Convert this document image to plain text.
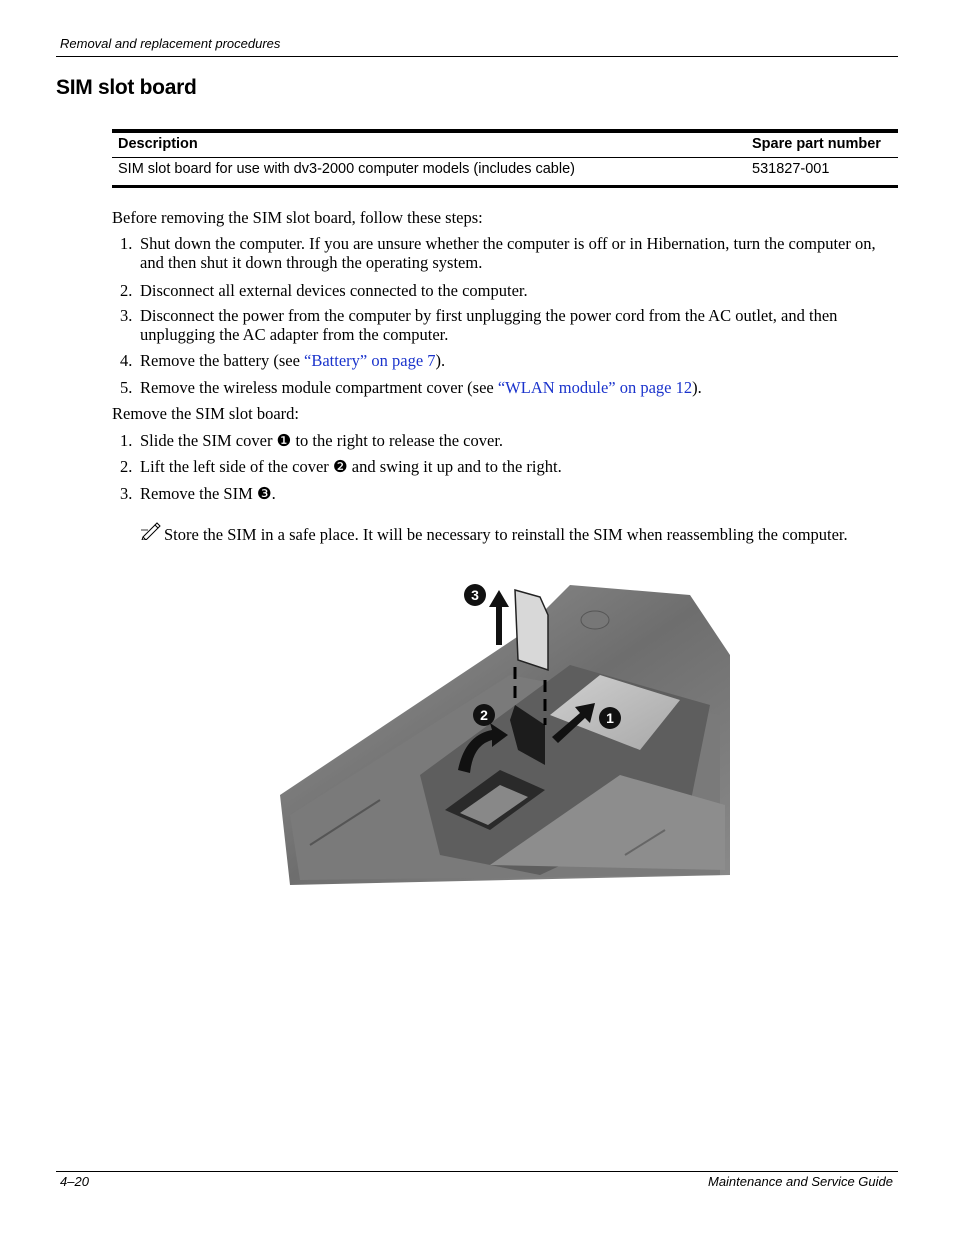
Removal and replacement procedures
SIM slot board
Description	Spare part number
SIM slot board for use with dv3-2000 computer models (includes cable)	531827-001
Before removing the SIM slot board, follow these steps:
1. Shut down the computer. If you are unsure whether the computer is off or in Hibernation, turn the computer on, and then shut it down through the operating system.
2. Disconnect all external devices connected to the computer.
3. Disconnect the power from the computer by first unplugging the power cord from the AC outlet, and then unplugging the AC adapter from the computer.
4. Remove the battery (see “Battery” on page 7).
5. Remove the wireless module compartment cover (see “WLAN module” on page 12).
Remove the SIM slot board:
1. Slide the SIM cover ❶ to the right to release the cover.
2. Lift the left side of the cover ❷ and swing it up and to the right.
3. Remove the SIM ❸.
Store the SIM in a safe place. It will be necessary to reinstall the SIM when reassembling the computer.
3
1
2
4–20	Maintenance and Service Guide
